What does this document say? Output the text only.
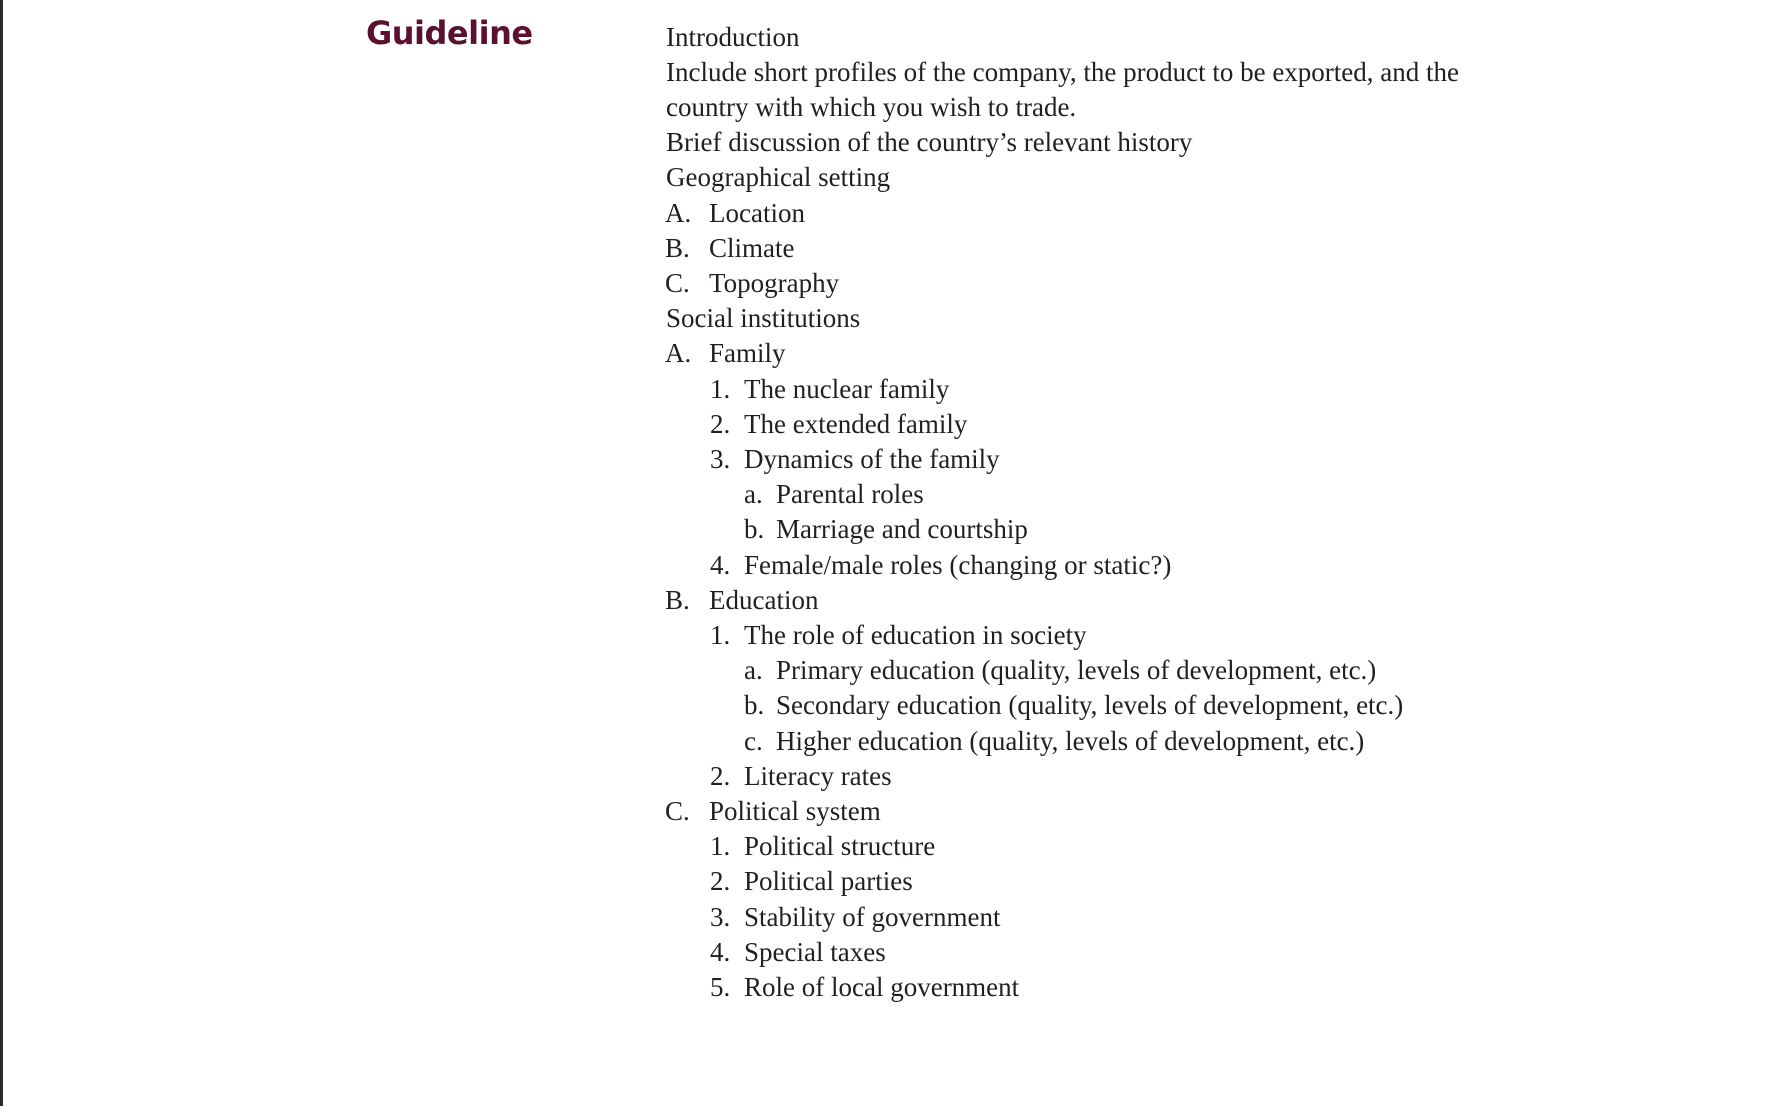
Guideline	Introduction
Include short profiles of the company, the product to be exported, and the
country with which you wish to trade.
Brief discussion of the country’s relevant history
Geographical setting
A. Location
B. Climate
C. Topography
Social institutions
A. Family
1. The nuclear family
2. The extended family
3. Dynamics of the family
a. Parental roles
b. Marriage and courtship
4. Female/male roles (changing or static?)
B. Education
1. The role of education in society
a. Primary education (quality, levels of development, etc.)
b. Secondary education (quality, levels of development, etc.)
c. Higher education (quality, levels of development, etc.)
2. Literacy rates
C. Political system
1. Political structure
2. Political parties
3. Stability of government
4. Special taxes
5. Role of local government
